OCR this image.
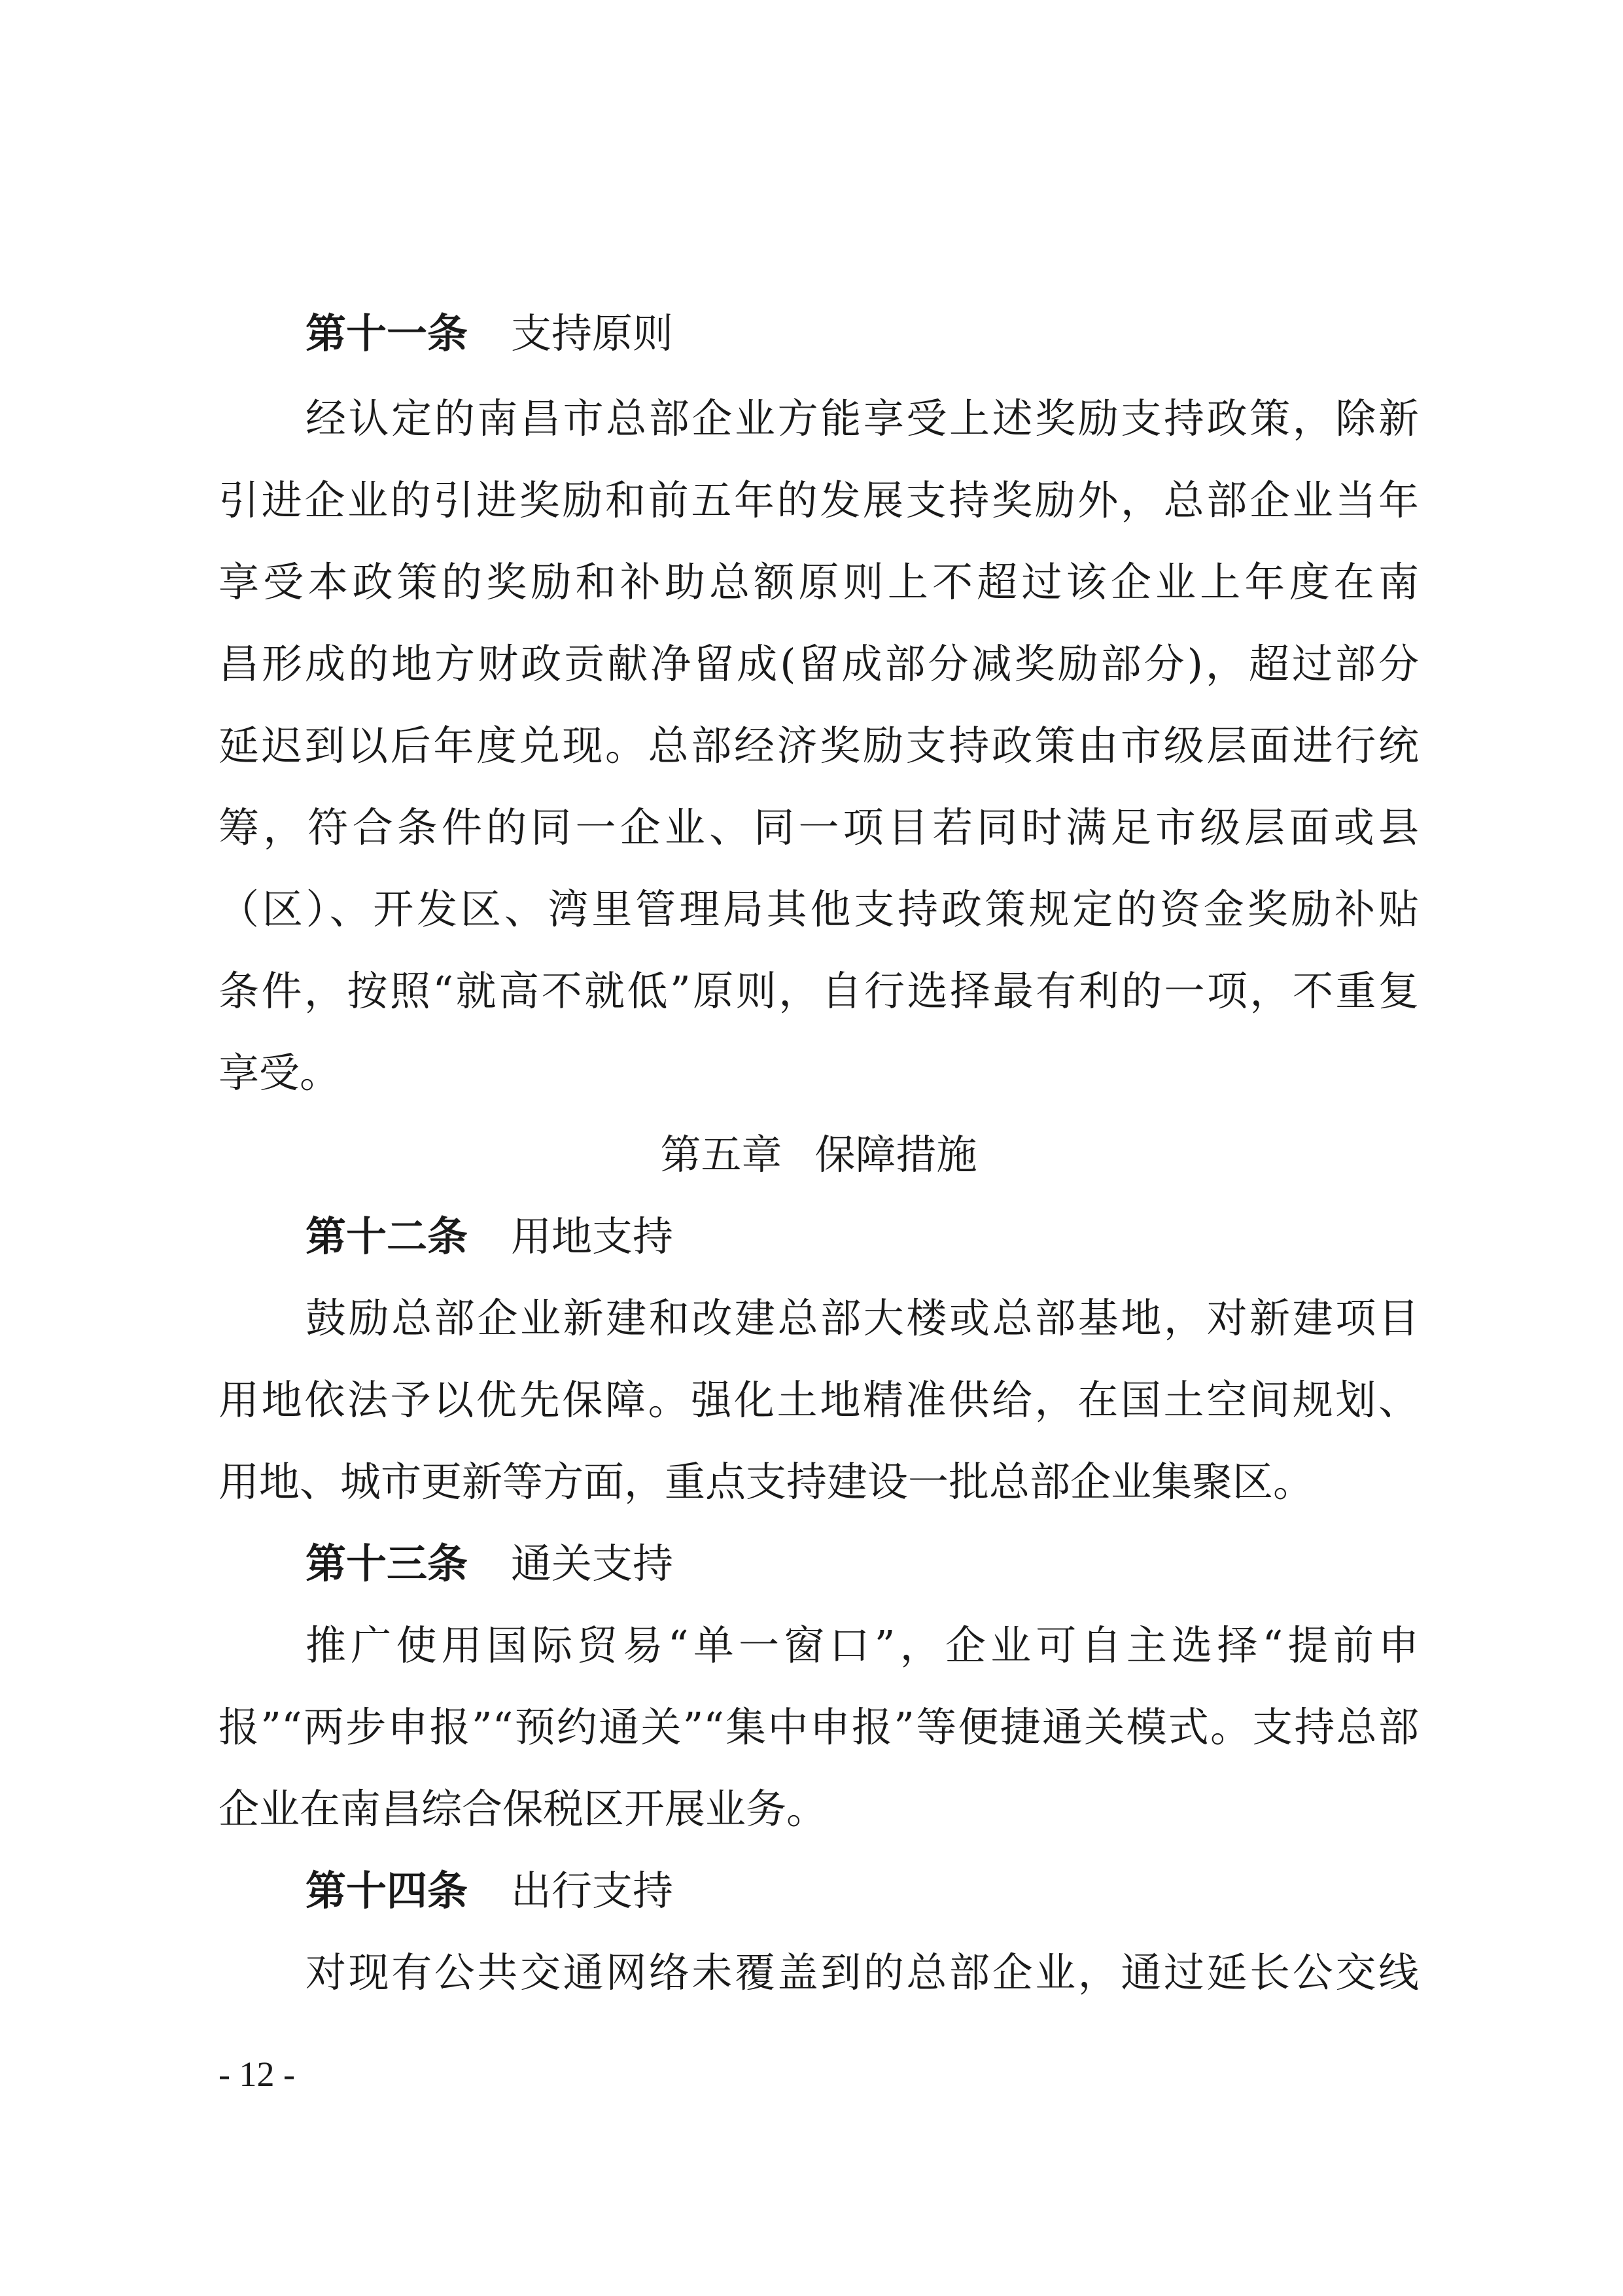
第十一条 支持原则
经认定的南昌市总部企业方能享受上述奖励支持政策，除新
引进企业的引进奖励和前五年的发展支持奖励外，总部企业当年
享受本政策的奖励和补助总额原则上不超过该企业上年度在南
昌形成的地方财政贡献净留成(留成部分减奖励部分)，超过部分
延迟到以后年度兑现。总部经济奖励支持政策由市级层面进行统
筹，符合条件的同一企业、同一项目若同时满足市级层面或县
（区）、开发区、湾里管理局其他支持政策规定的资金奖励补贴
条件，按照“就高不就低”原则，自行选择最有利的一项，不重复
享受。
第五章 保障措施
第十二条 用地支持
鼓励总部企业新建和改建总部大楼或总部基地，对新建项目
用地依法予以优先保障。强化土地精准供给，在国土空间规划、
用地、城市更新等方面，重点支持建设一批总部企业集聚区。
第十三条 通关支持
推广使用国际贸易“单一窗口”，企业可自主选择“提前申
报”“两步申报”“预约通关”“集中申报”等便捷通关模式。支持总部
企业在南昌综合保税区开展业务。
第十四条 出行支持
对现有公共交通网络未覆盖到的总部企业，通过延长公交线
- 12 -
